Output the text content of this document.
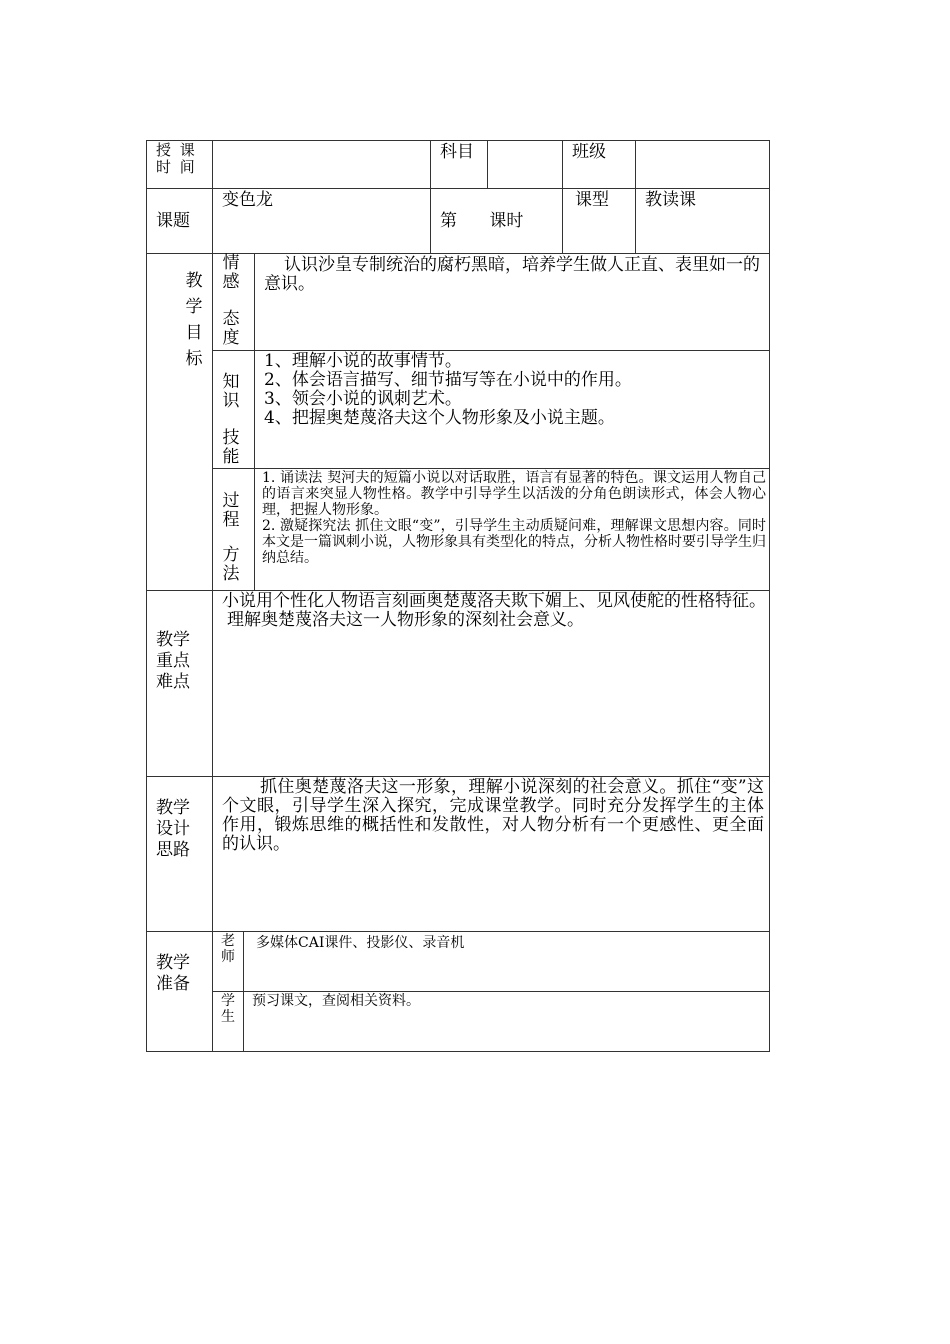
授 课
时 间
科目	班级
课题
变色龙
第      课时
课型 教读课
教
学
目
标
情
感
态
度
认识沙皇专制统治的腐朽黑暗，培养学生做人正直、表里如一的意识。
知
识
技
能
1、理解小说的故事情节。
2、体会语言描写、细节描写等在小说中的作用。
3、领会小说的讽刺艺术。
4、把握奥楚蔑洛夫这个人物形象及小说主题。
过
程
方
法
1. 诵读法 契河夫的短篇小说以对话取胜，语言有显著的特色。课文运用人物自己的语言来突显人物性格。教学中引导学生以活泼的分角色朗读形式，体会人物心理，把握人物形象。
2. 激疑探究法 抓住文眼“变”，引导学生主动质疑问难，理解课文思想内容。同时本文是一篇讽刺小说，人物形象具有类型化的特点，分析人物性格时要引导学生归纳总结。
教学
重点
难点
小说用个性化人物语言刻画奥楚蔑洛夫欺下媚上、见风使舵的性格特征。
理解奥楚蔑洛夫这一人物形象的深刻社会意义。
教学
设计
思路
抓住奥楚蔑洛夫这一形象，理解小说深刻的社会意义。抓住“变”这个文眼，引导学生深入探究，完成课堂教学。同时充分发挥学生的主体作用，锻炼思维的概括性和发散性，对人物分析有一个更感性、更全面的认识。
教学
准备
老
师
多媒体CAI课件、投影仪、录音机
学
生
预习课文，查阅相关资料。
